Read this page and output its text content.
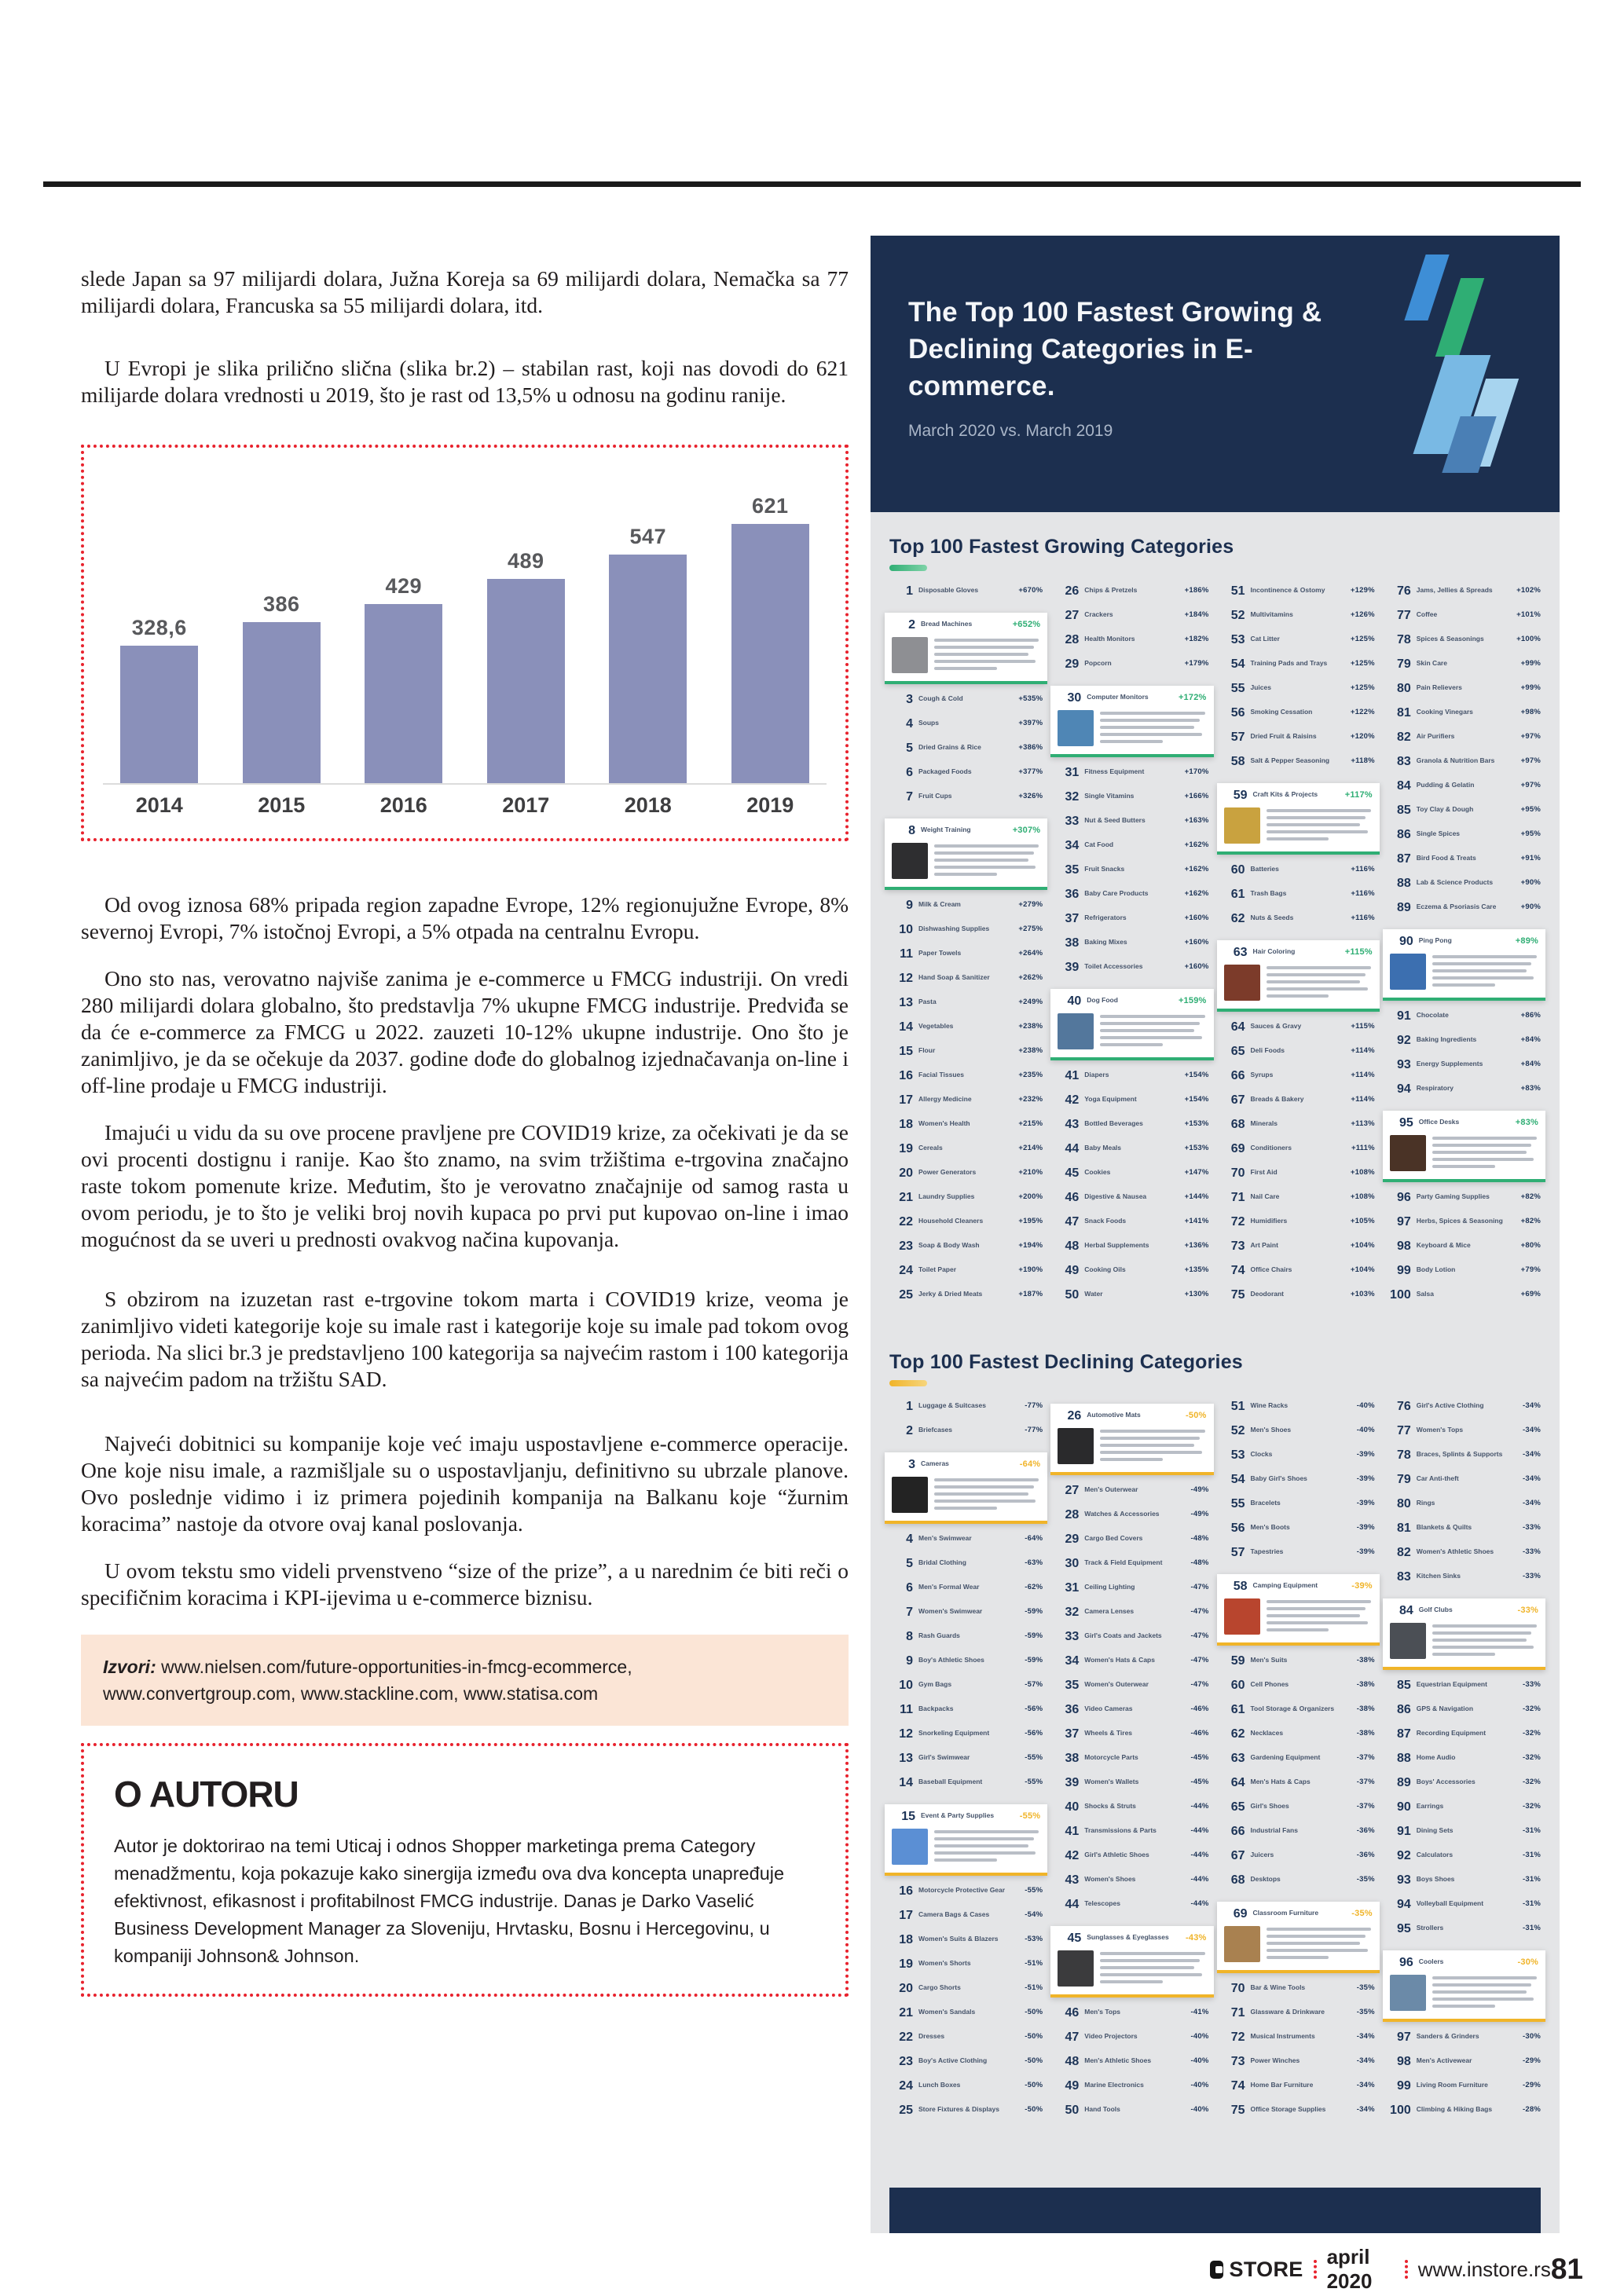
slede Japan sa 97 milijardi dolara, Južna Koreja sa 69 milijardi dolara, Nemačka sa 77 milijardi dolara, Francuska sa 55 milijardi dolara, itd.

U Evropi je slika prilično slična (slika br.2) – stabilan rast, koji nas dovodi do 621 milijarde dolara vrednosti u 2019, što je rast od 13,5% u odnosu na godinu ranije.

328,6
2014
386
2015
429
2016
489
2017
547
2018
621
2019

Od ovog iznosa 68% pripada region zapadne Evrope, 12% regionujužne Evrope, 8% severnoj Evropi, 7% istočnoj Evropi, a 5% otpada na centralnu Evropu.

Ono sto nas, verovatno najviše zanima je e-commerce u FMCG industriji. On vredi 280 milijardi dolara globalno, što predstavlja 7% ukupne FMCG industrije. Predviđa se da će e-commerce za FMCG u 2022. zauzeti 10-12% ukupne industrije. Ono što je zanimljivo, je da se očekuje da 2037. godine dođe do globalnog izjednačavanja on-line i off-line prodaje u FMCG industriji.

Imajući u vidu da su ove procene pravljene pre COVID19 krize, za očekivati je da se ovi procenti dostignu i ranije. Kao što znamo, na svim tržištima e-trgovina značajno raste tokom pomenute krize. Međutim, što je verovatno značajnije od samog rasta u ovom periodu, je to što je veliki broj novih kupaca po prvi put kupovao on-line i imao mogućnost da se uveri u prednosti ovakvog načina kupovanja.

S obzirom na izuzetan rast e-trgovine tokom marta i COVID19 krize, veoma je zanimljivo videti kategorije koje su imale rast i kategorije koje su imale pad tokom ovog perioda. Na slici br.3 je predstavljeno 100 kategorija sa najvećim rastom i 100 kategorija sa najvećim padom na tržištu SAD.

Najveći dobitnici su kompanije koje već imaju uspostavljene e-commerce operacije. One koje nisu imale, a razmišljale su o uspostavljanju, definitivno su ubrzale planove. Ovo poslednje vidimo i iz primera pojedinih kompanija na Balkanu koje “žurnim koracima” nastoje da otvore ovaj kanal poslovanja.

U ovom tekstu smo videli prvenstveno “size of the prize”, a u narednim će biti reči o specifičnim koracima i KPI-ijevima u e-commerce biznisu.

Izvori: www.nielsen.com/future-opportunities-in-fmcg-ecommerce, www.convertgroup.com, www.stackline.com, www.statisa.com
O AUTORU
Autor je doktorirao na temi Uticaj i odnos Shopper marketinga prema Category menadžmentu, koja pokazuje kako sinergija između ova dva koncepta unapređuje efektivnost, efikasnost i profitabilnost FMCG industrije. Danas je Darko Vaselić Business Development Manager za Sloveniju, Hrvtasku, Bosnu i Hercegovinu, u kompaniji Johnson& Johnson.
The Top 100 Fastest Growing & Declining Categories in E-commerce.
March 2020 vs. March 2019
Top 100 Fastest Growing Categories
1 Disposable Gloves	+670%
2 Bread Machines	+652%
3 Cough & Cold	+535%
4 Soups	+397%
5 Dried Grains & Rice	+386%
6 Packaged Foods	+377%
7 Fruit Cups	+326%
8 Weight Training	+307%
9 Milk & Cream	+279%
10 Dishwashing Supplies	+275%
11 Paper Towels	+264%
12 Hand Soap & Sanitizer	+262%
13 Pasta	+249%
14 Vegetables	+238%
15 Flour	+238%
16 Facial Tissues	+235%
17 Allergy Medicine	+232%
18 Women's Health	+215%
19 Cereals	+214%
20 Power Generators	+210%
21 Laundry Supplies	+200%
22 Household Cleaners	+195%
23 Soap & Body Wash	+194%
24 Toilet Paper	+190%
25 Jerky & Dried Meats	+187%
26 Chips & Pretzels	+186%
27 Crackers	+184%
28 Health Monitors	+182%
29 Popcorn	+179%
30 Computer Monitors	+172%
31 Fitness Equipment	+170%
32 Single Vitamins	+166%
33 Nut & Seed Butters	+163%
34 Cat Food	+162%
35 Fruit Snacks	+162%
36 Baby Care Products	+162%
37 Refrigerators	+160%
38 Baking Mixes	+160%
39 Toilet Accessories	+160%
40 Dog Food	+159%
41 Diapers	+154%
42 Yoga Equipment	+154%
43 Bottled Beverages	+153%
44 Baby Meals	+153%
45 Cookies	+147%
46 Digestive & Nausea	+144%
47 Snack Foods	+141%
48 Herbal Supplements	+136%
49 Cooking Oils	+135%
50 Water	+130%
51 Incontinence & Ostomy	+129%
52 Multivitamins	+126%
53 Cat Litter	+125%
54 Training Pads and Trays	+125%
55 Juices	+125%
56 Smoking Cessation	+122%
57 Dried Fruit & Raisins	+120%
58 Salt & Pepper Seasoning	+118%
59 Craft Kits & Projects	+117%
60 Batteries	+116%
61 Trash Bags	+116%
62 Nuts & Seeds	+116%
63 Hair Coloring	+115%
64 Sauces & Gravy	+115%
65 Deli Foods	+114%
66 Syrups	+114%
67 Breads & Bakery	+114%
68 Minerals	+113%
69 Conditioners	+111%
70 First Aid	+108%
71 Nail Care	+108%
72 Humidifiers	+105%
73 Art Paint	+104%
74 Office Chairs	+104%
75 Deodorant	+103%
76 Jams, Jellies & Spreads	+102%
77 Coffee	+101%
78 Spices & Seasonings	+100%
79 Skin Care	+99%
80 Pain Relievers	+99%
81 Cooking Vinegars	+98%
82 Air Purifiers	+97%
83 Granola & Nutrition Bars	+97%
84 Pudding & Gelatin	+97%
85 Toy Clay & Dough	+95%
86 Single Spices	+95%
87 Bird Food & Treats	+91%
88 Lab & Science Products	+90%
89 Eczema & Psoriasis Care	+90%
90 Ping Pong	+89%
91 Chocolate	+86%
92 Baking Ingredients	+84%
93 Energy Supplements	+84%
94 Respiratory	+83%
95 Office Desks	+83%
96 Party Gaming Supplies	+82%
97 Herbs, Spices & Seasoning	+82%
98 Keyboard & Mice	+80%
99 Body Lotion	+79%
100 Salsa	+69%
Top 100 Fastest Declining Categories
1 Luggage & Suitcases	-77%
2 Briefcases	-77%
3 Cameras	-64%
4 Men's Swimwear	-64%
5 Bridal Clothing	-63%
6 Men's Formal Wear	-62%
7 Women's Swimwear	-59%
8 Rash Guards	-59%
9 Boy's Athletic Shoes	-59%
10 Gym Bags	-57%
11 Backpacks	-56%
12 Snorkeling Equipment	-56%
13 Girl's Swimwear	-55%
14 Baseball Equipment	-55%
15 Event & Party Supplies	-55%
16 Motorcycle Protective Gear	-55%
17 Camera Bags & Cases	-54%
18 Women's Suits & Blazers	-53%
19 Women's Shorts	-51%
20 Cargo Shorts	-51%
21 Women's Sandals	-50%
22 Dresses	-50%
23 Boy's Active Clothing	-50%
24 Lunch Boxes	-50%
25 Store Fixtures & Displays	-50%
26 Automotive Mats	-50%
27 Men's Outerwear	-49%
28 Watches & Accessories	-49%
29 Cargo Bed Covers	-48%
30 Track & Field Equipment	-48%
31 Ceiling Lighting	-47%
32 Camera Lenses	-47%
33 Girl's Coats and Jackets	-47%
34 Women's Hats & Caps	-47%
35 Women's Outerwear	-47%
36 Video Cameras	-46%
37 Wheels & Tires	-46%
38 Motorcycle Parts	-45%
39 Women's Wallets	-45%
40 Shocks & Struts	-44%
41 Transmissions & Parts	-44%
42 Girl's Athletic Shoes	-44%
43 Women's Shoes	-44%
44 Telescopes	-44%
45 Sunglasses & Eyeglasses	-43%
46 Men's Tops	-41%
47 Video Projectors	-40%
48 Men's Athletic Shoes	-40%
49 Marine Electronics	-40%
50 Hand Tools	-40%
51 Wine Racks	-40%
52 Men's Shoes	-40%
53 Clocks	-39%
54 Baby Girl's Shoes	-39%
55 Bracelets	-39%
56 Men's Boots	-39%
57 Tapestries	-39%
58 Camping Equipment	-39%
59 Men's Suits	-38%
60 Cell Phones	-38%
61 Tool Storage & Organizers	-38%
62 Necklaces	-38%
63 Gardening Equipment	-37%
64 Men's Hats & Caps	-37%
65 Girl's Shoes	-37%
66 Industrial Fans	-36%
67 Juicers	-36%
68 Desktops	-35%
69 Classroom Furniture	-35%
70 Bar & Wine Tools	-35%
71 Glassware & Drinkware	-35%
72 Musical Instruments	-34%
73 Power Winches	-34%
74 Home Bar Furniture	-34%
75 Office Storage Supplies	-34%
76 Girl's Active Clothing	-34%
77 Women's Tops	-34%
78 Braces, Splints & Supports	-34%
79 Car Anti-theft	-34%
80 Rings	-34%
81 Blankets & Quilts	-33%
82 Women's Athletic Shoes	-33%
83 Kitchen Sinks	-33%
84 Golf Clubs	-33%
85 Equestrian Equipment	-33%
86 GPS & Navigation	-32%
87 Recording Equipment	-32%
88 Home Audio	-32%
89 Boys' Accessories	-32%
90 Earrings	-32%
91 Dining Sets	-31%
92 Calculators	-31%
93 Boys Shoes	-31%
94 Volleyball Equipment	-31%
95 Strollers	-31%
96 Coolers	-30%
97 Sanders & Grinders	-30%
98 Men's Activewear	-29%
99 Living Room Furniture	-29%
100 Climbing & Hiking Bags	-28%
STORE
april 2020
www.instore.rs 81
